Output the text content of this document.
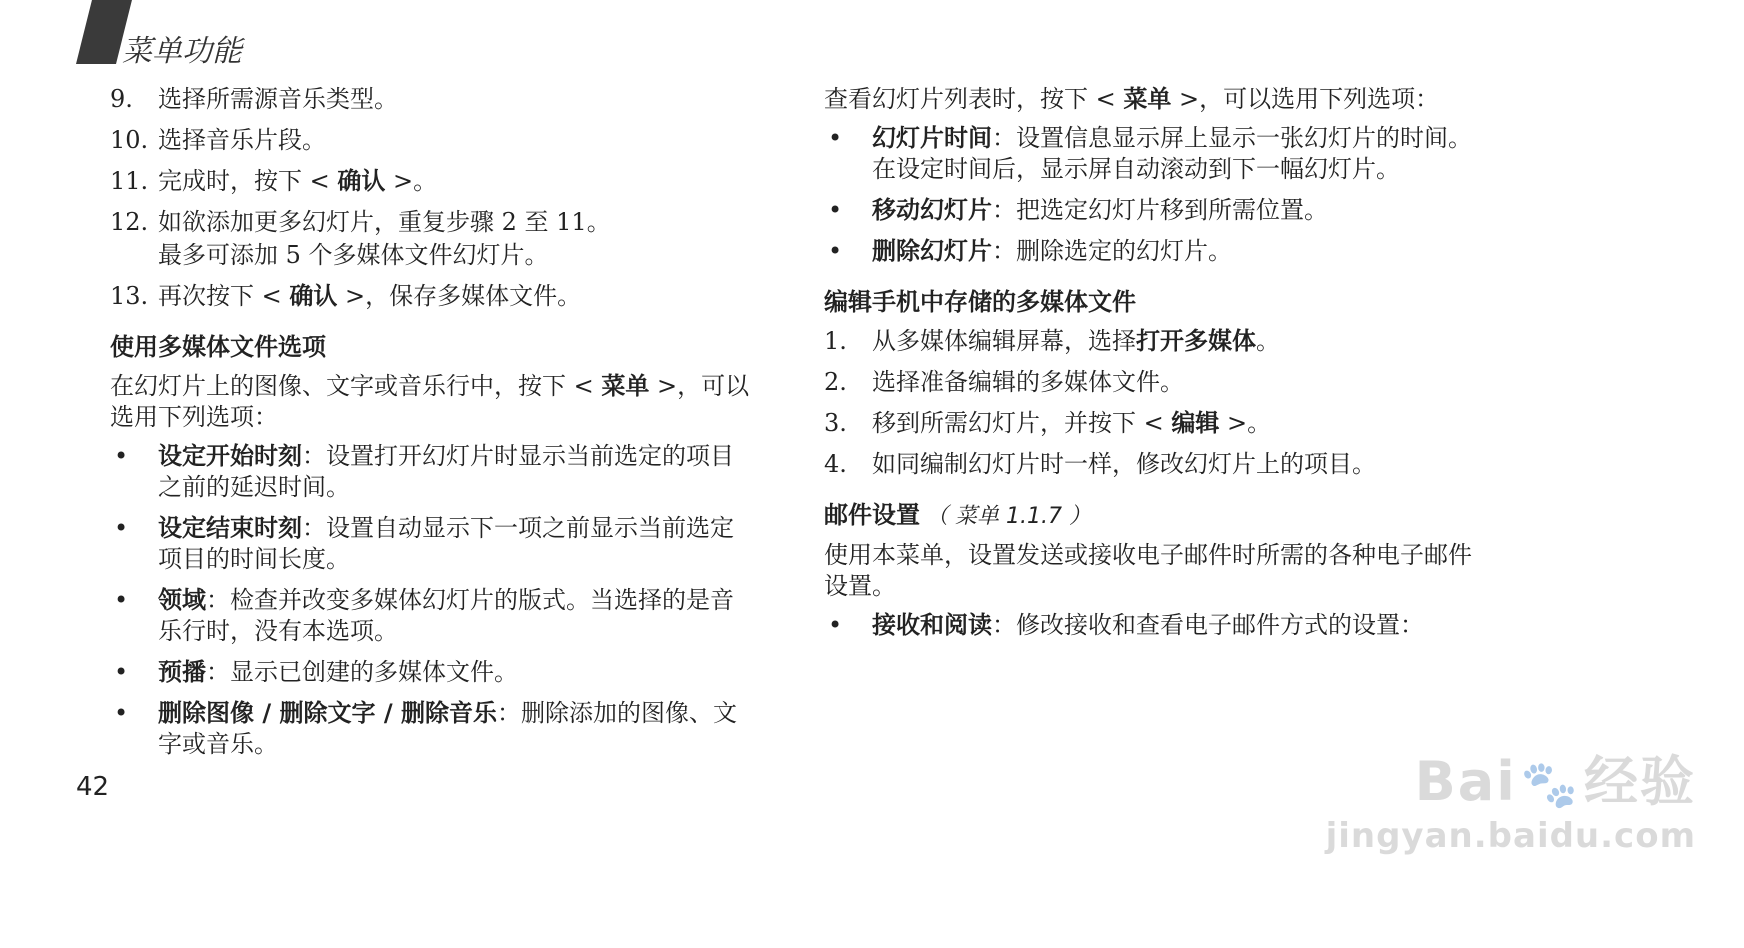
菜单功能
9.	选择所需源音乐类型。
10. 选择音乐片段。
11. 完成时，按下 < 确认 >。
12. 如欲添加更多幻灯片，重复步骤 2 至 11。
最多可添加 5 个多媒体文件幻灯片。
13. 再次按下 < 确认 >，保存多媒体文件。
使用多媒体文件选项
在幻灯片上的图像、文字或音乐行中，按下 < 菜单 >，可以选用下列选项：
•	设定开始时刻：设置打开幻灯片时显示当前选定的项目之前的延迟时间。
•	设定结束时刻：设置自动显示下一项之前显示当前选定项目的时间长度。
•	领域：检查并改变多媒体幻灯片的版式。当选择的是音乐行时，没有本选项。
•	预播：显示已创建的多媒体文件。
•	删除图像 / 删除文字 / 删除音乐：删除添加的图像、文字或音乐。
查看幻灯片列表时，按下 < 菜单 >，可以选用下列选项：
•	幻灯片时间：设置信息显示屏上显示一张幻灯片的时间。在设定时间后，显示屏自动滚动到下一幅幻灯片。
•	移动幻灯片：把选定幻灯片移到所需位置。
•	删除幻灯片：删除选定的幻灯片。
编辑手机中存储的多媒体文件
1.	从多媒体编辑屏幕，选择打开多媒体。
2.	选择准备编辑的多媒体文件。
3.	移到所需幻灯片，并按下 < 编辑 >。
4.	如同编制幻灯片时一样，修改幻灯片上的项目。
邮件设置 （ 菜单 1.1.7 ）
使用本菜单，设置发送或接收电子邮件时所需的各种电子邮件设置。
•	接收和阅读：修改接收和查看电子邮件方式的设置：
42	Bai🐾经验
jingyan.baidu.com
